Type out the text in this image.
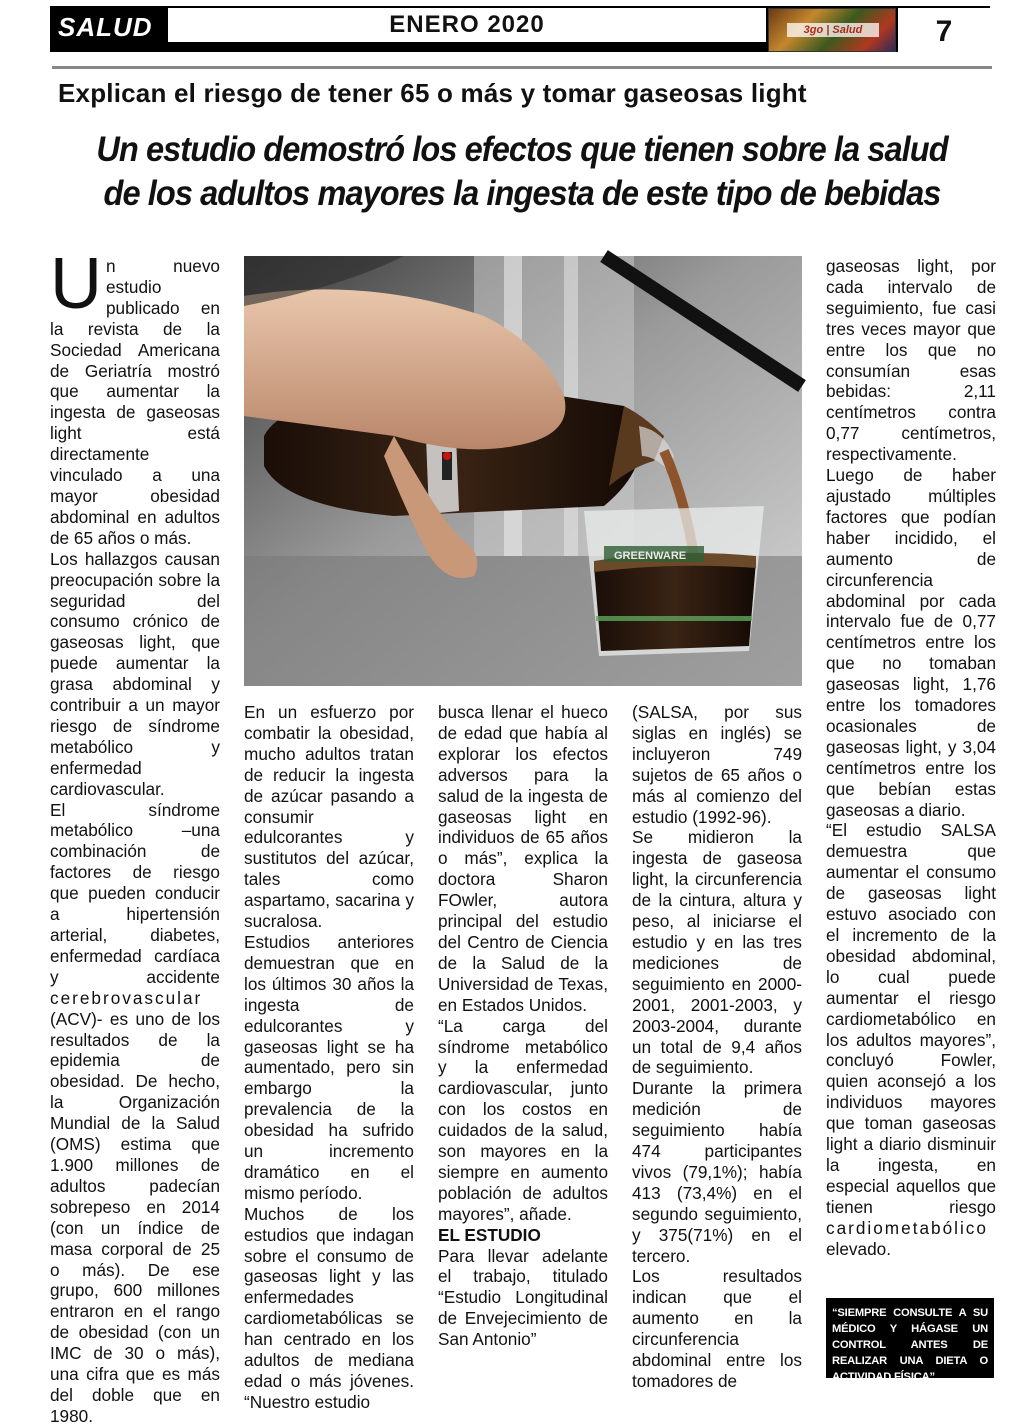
SALUD	ENERO 2020	3go | Salud	7
Explican el riesgo de tener 65 o más y tomar gaseosas light
Un estudio demostró los efectos que tienen sobre la salud
de los adultos mayores la ingesta de este tipo de bebidas

Un nuevo estudio publicado en la revista de la Sociedad Americana de Geriatría mostró que aumentar la ingesta de gaseosas light está directamente vinculado a una mayor obesidad abdominal en adultos de 65 años o más.

Los hallazgos causan preocupación sobre la seguridad del consumo crónico de gaseosas light, que puede aumentar la grasa abdominal y contribuir a un mayor riesgo de síndrome metabólico y enfermedad cardiovascular.

El síndrome metabólico –una combinación de factores de riesgo que pueden conducir a hipertensión arterial, diabetes, enfermedad cardíaca y accidente cerebrovascular (ACV)- es uno de los resultados de la epidemia de obesidad. De hecho, la Organización Mundial de la Salud (OMS) estima que 1.900 millones de adultos padecían sobrepeso en 2014 (con un índice de masa corporal de 25 o más). De ese grupo, 600 millones entraron en el rango de obesidad (con un IMC de 30 o más), una cifra que es más del doble que en 1980.

GREENWARE

En un esfuerzo por combatir la obesidad, mucho adultos tratan de reducir la ingesta de azúcar pasando a consumir edulcorantes y sustitutos del azúcar, tales como aspartamo, sacarina y sucralosa.

Estudios anteriores demuestran que en los últimos 30 años la ingesta de edulcorantes y gaseosas light se ha aumentado, pero sin embargo la prevalencia de la obesidad ha sufrido un incremento dramático en el mismo período.

Muchos de los estudios que indagan sobre el consumo de gaseosas light y las enfermedades cardiometabólicas se han centrado en los adultos de mediana edad o más jóvenes. “Nuestro estudio

busca llenar el hueco de edad que había al explorar los efectos adversos para la salud de la ingesta de gaseosas light en individuos de 65 años o más”, explica la doctora Sharon FOwler, autora principal del estudio del Centro de Ciencia de la Salud de la Universidad de Texas, en Estados Unidos.

“La carga del síndrome metabólico y la enfermedad cardiovascular, junto con los costos en cuidados de la salud, son mayores en la siempre en aumento población de adultos mayores”, añade.

EL ESTUDIO

Para llevar adelante el trabajo, titulado “Estudio Longitudinal de Envejecimiento de San Antonio”

(SALSA, por sus siglas en inglés) se incluyeron 749 sujetos de 65 años o más al comienzo del estudio (1992-96).

Se midieron la ingesta de gaseosa light, la circunferencia de la cintura, altura y peso, al iniciarse el estudio y en las tres mediciones de seguimiento en 2000-2001, 2001-2003, y 2003-2004, durante un total de 9,4 años de seguimiento.

Durante la primera medición de seguimiento había 474 participantes vivos (79,1%); había 413 (73,4%) en el segundo seguimiento, y 375(71%) en el tercero.

Los resultados indican que el aumento en la circunferencia abdominal entre los tomadores de

gaseosas light, por cada intervalo de seguimiento, fue casi tres veces mayor que entre los que no consumían esas bebidas: 2,11 centímetros contra 0,77 centímetros, respectivamente.

Luego de haber ajustado múltiples factores que podían haber incidido, el aumento de circunferencia abdominal por cada intervalo fue de 0,77 centímetros entre los que no tomaban gaseosas light, 1,76 entre los tomadores ocasionales de gaseosas light, y 3,04 centímetros entre los que bebían estas gaseosas a diario.

“El estudio SALSA demuestra que aumentar el consumo de gaseosas light estuvo asociado con el incremento de la obesidad abdominal, lo cual puede aumentar el riesgo cardiometabólico en los adultos mayores”, concluyó Fowler, quien aconsejó a los individuos mayores que toman gaseosas light a diario disminuir la ingesta, en especial aquellos que tienen riesgo cardiometabólico elevado.

“SIEMPRE CONSULTE A SU MÉDICO Y HÁGASE UN CONTROL ANTES DE REALIZAR UNA DIETA O ACTIVIDAD FÍSICA”
